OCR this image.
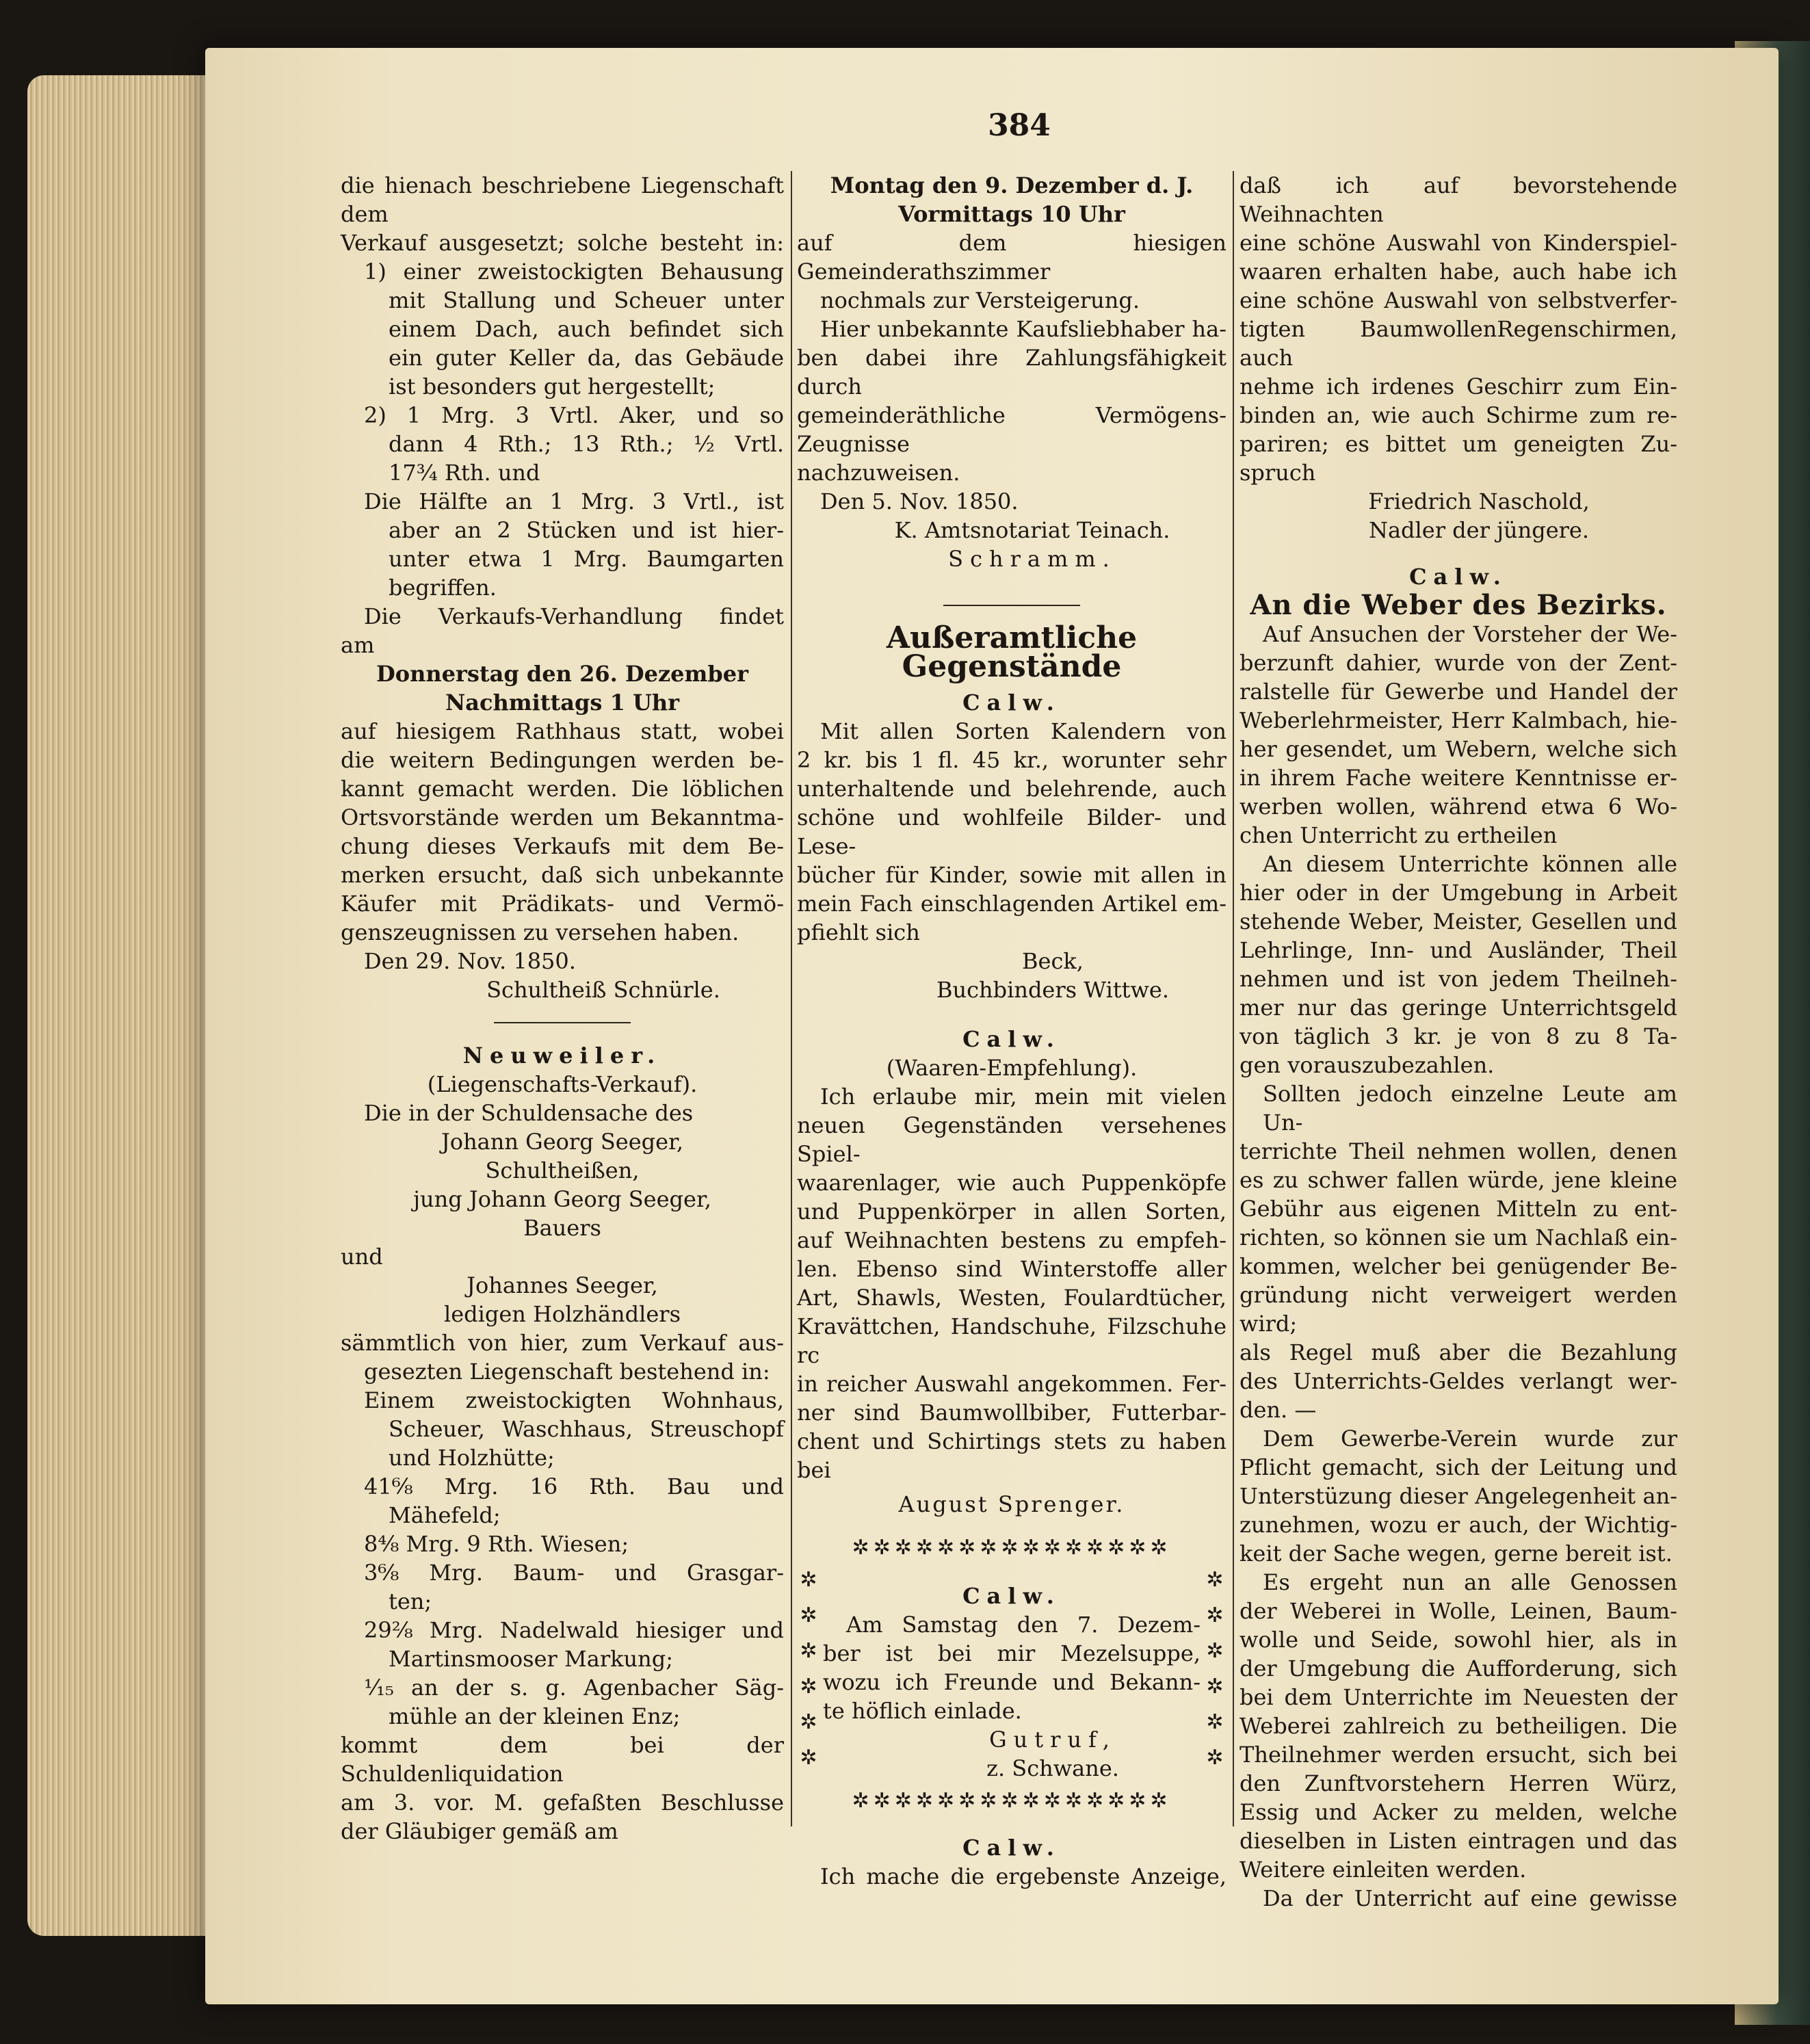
384

die hienach beschriebene Liegenschaft dem

Verkauf ausgesetzt; solche besteht in:

1) einer zweistockigten Behausung

mit Stallung und Scheuer unter

einem Dach, auch befindet sich

ein guter Keller da, das Gebäude

ist besonders gut hergestellt;

2) 1 Mrg. 3 Vrtl. Aker, und so

dann 4 Rth.; 13 Rth.; ½ Vrtl.

17¾ Rth. und

Die Hälfte an 1 Mrg. 3 Vrtl., ist

aber an 2 Stücken und ist hier-

unter etwa 1 Mrg. Baumgarten

begriffen.

Die Verkaufs-Verhandlung findet

am

Donnerstag den 26. Dezember

Nachmittags 1 Uhr

auf hiesigem Rathhaus statt, wobei

die weitern Bedingungen werden be-

kannt gemacht werden. Die löblichen

Ortsvorstände werden um Bekanntma-

chung dieses Verkaufs mit dem Be-

merken ersucht, daß sich unbekannte

Käufer mit Prädikats- und Vermö-

genszeugnissen zu versehen haben.

Den 29. Nov. 1850.

Schultheiß Schnürle.

Neuweiler.

(Liegenschafts-Verkauf).

Die in der Schuldensache des

Johann Georg Seeger,

Schultheißen,

jung Johann Georg Seeger,

Bauers

und

Johannes Seeger,

ledigen Holzhändlers

sämmtlich von hier, zum Verkauf aus-

gesezten Liegenschaft bestehend in:

Einem zweistockigten Wohnhaus,

Scheuer, Waschhaus, Streuschopf

und Holzhütte;

41⁶⁄₈ Mrg. 16 Rth. Bau und

Mähefeld;

8⁴⁄₈ Mrg. 9 Rth. Wiesen;

3⁶⁄₈ Mrg. Baum- und Grasgar-

ten;

29²⁄₈ Mrg. Nadelwald hiesiger und

Martinsmooser Markung;

¹⁄₁₅ an der s. g. Agenbacher Säg-

mühle an der kleinen Enz;

kommt dem bei der Schuldenliquidation

am 3. vor. M. gefaßten Beschlusse

der Gläubiger gemäß am

Montag den 9. Dezember d. J.

Vormittags 10 Uhr

auf dem hiesigen Gemeinderathszimmer

nochmals zur Versteigerung.

Hier unbekannte Kaufsliebhaber ha-

ben dabei ihre Zahlungsfähigkeit durch

gemeinderäthliche Vermögens-Zeugnisse

nachzuweisen.

Den 5. Nov. 1850.

K. Amtsnotariat Teinach.

Schramm.

Außeramtliche Gegenstände

Calw.

Mit allen Sorten Kalendern von

2 kr. bis 1 fl. 45 kr., worunter sehr

unterhaltende und belehrende, auch

schöne und wohlfeile Bilder- und Lese-

bücher für Kinder, sowie mit allen in

mein Fach einschlagenden Artikel em-

pfiehlt sich

Beck,

Buchbinders Wittwe.

Calw.

(Waaren-Empfehlung).

Ich erlaube mir, mein mit vielen

neuen Gegenständen versehenes Spiel-

waarenlager, wie auch Puppenköpfe

und Puppenkörper in allen Sorten,

auf Weihnachten bestens zu empfeh-

len. Ebenso sind Winterstoffe aller

Art, Shawls, Westen, Foulardtücher,

Kravättchen, Handschuhe, Filzschuhe rc

in reicher Auswahl angekommen. Fer-

ner sind Baumwollbiber, Futterbar-

chent und Schirtings stets zu haben

bei

August Sprenger.

✲✲✲✲✲✲✲✲✲✲✲✲✲✲✲

✲
✲
✲
✲
✲
✲

Calw.

Am Samstag den 7. Dezem-

ber ist bei mir Mezelsuppe,

wozu ich Freunde und Bekann-

te höflich einlade.

Gutruf,

z. Schwane.

✲
✲
✲
✲
✲
✲

✲✲✲✲✲✲✲✲✲✲✲✲✲✲✲

Calw.

Ich mache die ergebenste Anzeige,

daß ich auf bevorstehende Weihnachten

eine schöne Auswahl von Kinderspiel-

waaren erhalten habe, auch habe ich

eine schöne Auswahl von selbstverfer-

tigten BaumwollenRegenschirmen, auch

nehme ich irdenes Geschirr zum Ein-

binden an, wie auch Schirme zum re-

pariren; es bittet um geneigten Zu-

spruch

Friedrich Naschold,

Nadler der jüngere.

Calw.

An die Weber des Bezirks.

Auf Ansuchen der Vorsteher der We-

berzunft dahier, wurde von der Zent-

ralstelle für Gewerbe und Handel der

Weberlehrmeister, Herr Kalmbach, hie-

her gesendet, um Webern, welche sich

in ihrem Fache weitere Kenntnisse er-

werben wollen, während etwa 6 Wo-

chen Unterricht zu ertheilen

An diesem Unterrichte können alle

hier oder in der Umgebung in Arbeit

stehende Weber, Meister, Gesellen und

Lehrlinge, Inn- und Ausländer, Theil

nehmen und ist von jedem Theilneh-

mer nur das geringe Unterrichtsgeld

von täglich 3 kr. je von 8 zu 8 Ta-

gen vorauszubezahlen.

Sollten jedoch einzelne Leute am Un-

terrichte Theil nehmen wollen, denen

es zu schwer fallen würde, jene kleine

Gebühr aus eigenen Mitteln zu ent-

richten, so können sie um Nachlaß ein-

kommen, welcher bei genügender Be-

gründung nicht verweigert werden wird;

als Regel muß aber die Bezahlung

des Unterrichts-Geldes verlangt wer-

den. —

Dem Gewerbe-Verein wurde zur

Pflicht gemacht, sich der Leitung und

Unterstüzung dieser Angelegenheit an-

zunehmen, wozu er auch, der Wichtig-

keit der Sache wegen, gerne bereit ist.

Es ergeht nun an alle Genossen

der Weberei in Wolle, Leinen, Baum-

wolle und Seide, sowohl hier, als in

der Umgebung die Aufforderung, sich

bei dem Unterrichte im Neuesten der

Weberei zahlreich zu betheiligen. Die

Theilnehmer werden ersucht, sich bei

den Zunftvorstehern Herren Würz,

Essig und Acker zu melden, welche

dieselben in Listen eintragen und das

Weitere einleiten werden.

Da der Unterricht auf eine gewisse
